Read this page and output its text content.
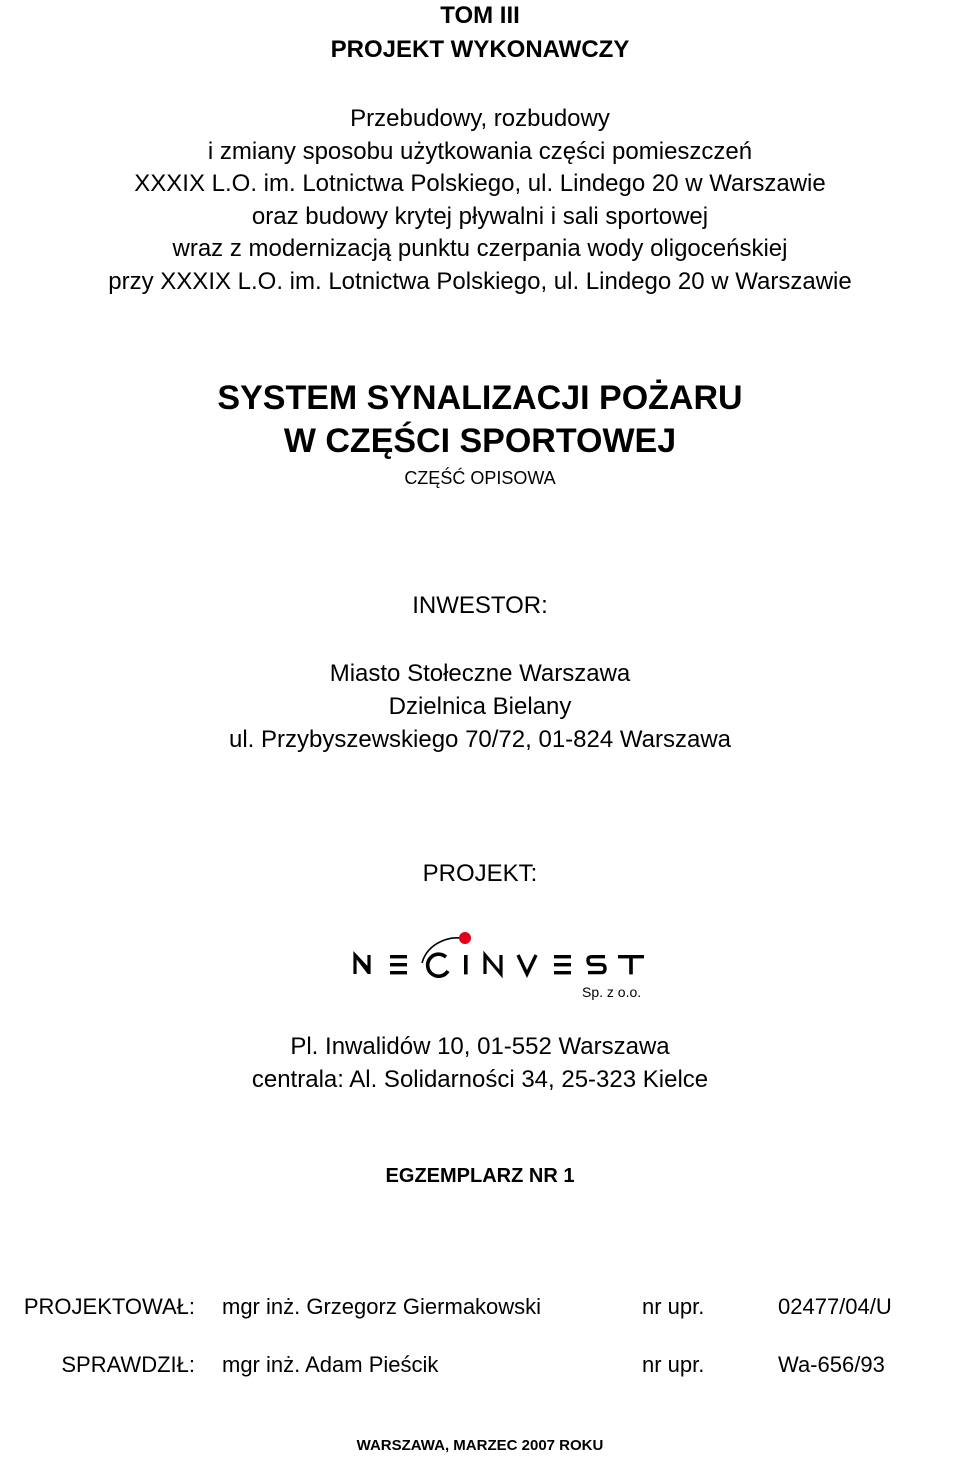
TOM III
PROJEKT WYKONAWCZY
Przebudowy, rozbudowy
i zmiany sposobu użytkowania części pomieszczeń
XXXIX L.O. im. Lotnictwa Polskiego, ul. Lindego 20 w Warszawie
oraz budowy krytej pływalni i sali sportowej
wraz z modernizacją punktu czerpania wody oligoceńskiej
przy XXXIX L.O. im. Lotnictwa Polskiego, ul. Lindego 20 w Warszawie
SYSTEM SYNALIZACJI POŻARU
W CZĘŚCI SPORTOWEJ
CZĘŚĆ OPISOWA
INWESTOR:
Miasto Stołeczne Warszawa
Dzielnica Bielany
ul. Przybyszewskiego 70/72, 01-824 Warszawa
PROJEKT:
Sp. z o.o.
Pl. Inwalidów 10, 01-552 Warszawa
centrala: Al. Solidarności 34, 25-323 Kielce
EGZEMPLARZ NR 1
PROJEKTOWAŁ: mgr inż. Grzegorz Giermakowski	nr upr.	02477/04/U
SPRAWDZIŁ: mgr inż. Adam Pieścik	nr upr.	Wa-656/93
WARSZAWA, MARZEC 2007 ROKU
